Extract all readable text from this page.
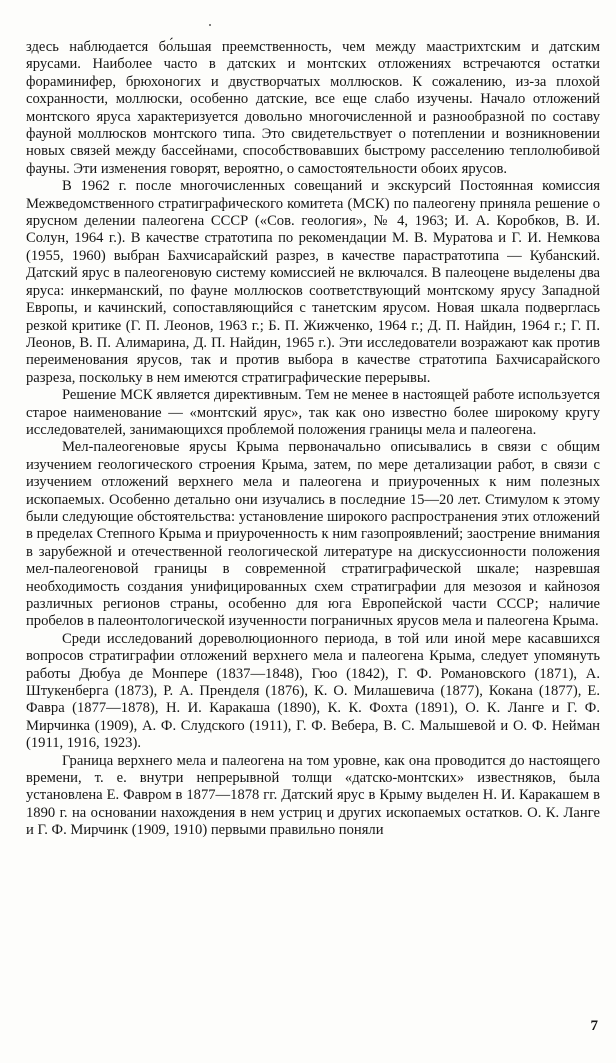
здесь наблюдается бо́льшая преемственность, чем между маастрихтским и датским ярусами. Наиболее часто в датских и монтских отложениях встречаются остатки фораминифер, брюхоногих и двустворчатых моллюсков. К сожалению, из-за плохой сохранности, моллюски, особенно датские, все еще слабо изучены. Начало отложений монтского яруса характеризуется довольно многочисленной и разнообразной по составу фауной моллюсков монтского типа. Это свидетельствует о потеплении и возникновении новых связей между бассейнами, способствовавших быстрому расселению теплолюбивой фауны. Эти изменения говорят, вероятно, о самостоятельности обоих ярусов.

В 1962 г. после многочисленных совещаний и экскурсий Постоянная комиссия Межведомственного стратиграфического комитета (МСК) по палеогену приняла решение о ярусном делении палеогена СССР («Сов. геология», № 4, 1963; И. А. Коробков, В. И. Солун, 1964 г.). В качестве стратотипа по рекомендации М. В. Муратова и Г. И. Немкова (1955, 1960) выбран Бахчисарайский разрез, в качестве парастратотипа — Кубанский. Датский ярус в палеогеновую систему комиссией не включался. В палеоцене выделены два яруса: инкерманский, по фауне моллюсков соответствующий монтскому ярусу Западной Европы, и качинский, сопоставляющийся с танетским ярусом. Новая шкала подверглась резкой критике (Г. П. Леонов, 1963 г.; Б. П. Жижченко, 1964 г.; Д. П. Найдин, 1964 г.; Г. П. Леонов, В. П. Алимарина, Д. П. Найдин, 1965 г.). Эти исследователи возражают как против переименования ярусов, так и против выбора в качестве стратотипа Бахчисарайского разреза, поскольку в нем имеются стратиграфические перерывы.

Решение МСК является директивным. Тем не менее в настоящей работе используется старое наименование — «монтский ярус», так как оно известно более широкому кругу исследователей, занимающихся проблемой положения границы мела и палеогена.

Мел-палеогеновые ярусы Крыма первоначально описывались в связи с общим изучением геологического строения Крыма, затем, по мере детализации работ, в связи с изучением отложений верхнего мела и палеогена и приуроченных к ним полезных ископаемых. Особенно детально они изучались в последние 15—20 лет. Стимулом к этому были следующие обстоятельства: установление широкого распространения этих отложений в пределах Степного Крыма и приуроченность к ним газопроявлений; заострение внимания в зарубежной и отечественной геологической литературе на дискуссионности положения мел-палеогеновой границы в современной стратиграфической шкале; назревшая необходимость создания унифицированных схем стратиграфии для мезозоя и кайнозоя различных регионов страны, особенно для юга Европейской части СССР; наличие пробелов в палеонтологической изученности пограничных ярусов мела и палеогена Крыма.

Среди исследований дореволюционного периода, в той или иной мере касавшихся вопросов стратиграфии отложений верхнего мела и палеогена Крыма, следует упомянуть работы Дюбуа де Монпере (1837—1848), Гюо (1842), Г. Ф. Романовского (1871), А. Штукенберга (1873), Р. А. Прендeля (1876), К. О. Милашевича (1877), Кокана (1877), Е. Фавра (1877—1878), Н. И. Каракаша (1890), К. К. Фохта (1891), О. К. Ланге и Г. Ф. Мирчинка (1909), А. Ф. Слудского (1911), Г. Ф. Вебера, В. С. Малышевой и О. Ф. Нейман (1911, 1916, 1923).

Граница верхнего мела и палеогена на том уровне, как она проводится до настоящего времени, т. е. внутри непрерывной толщи «датско-монтских» известняков, была установлена Е. Фавром в 1877—1878 гг. Датский ярус в Крыму выделен Н. И. Каракашем в 1890 г. на основании нахождения в нем устриц и других ископаемых остатков. О. К. Ланге и Г. Ф. Мирчинк (1909, 1910) первыми правильно поняли

7
